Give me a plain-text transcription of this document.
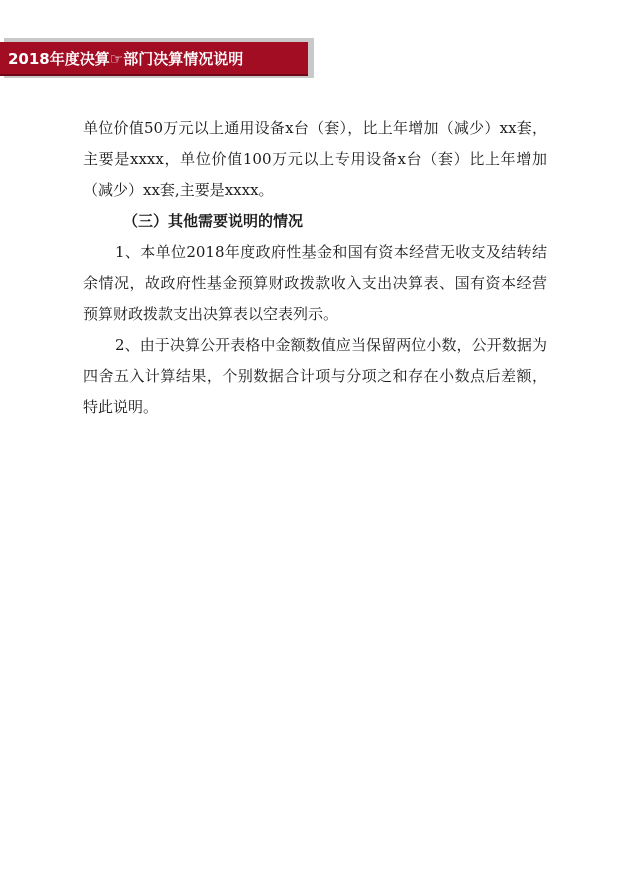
2018年度决算☞部门决算情况说明

单位价值50万元以上通用设备x台（套），比上年增加（减少）xx套，主要是xxxx，单位价值100万元以上专用设备x台（套）比上年增加（减少）xx套,主要是xxxx。

（三）其他需要说明的情况

1、本单位2018年度政府性基金和国有资本经营无收支及结转结余情况，故政府性基金预算财政拨款收入支出决算表、国有资本经营预算财政拨款支出决算表以空表列示。

2、由于决算公开表格中金额数值应当保留两位小数，公开数据为四舍五入计算结果，个别数据合计项与分项之和存在小数点后差额，特此说明。
